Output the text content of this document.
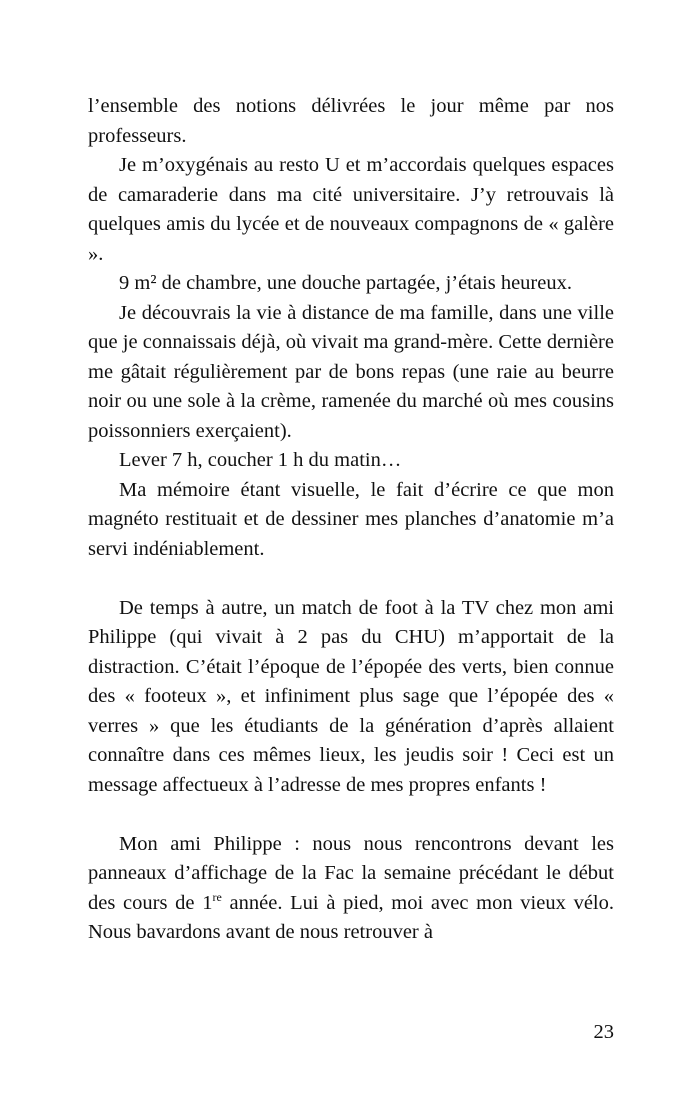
l’ensemble des notions délivrées le jour même par nos professeurs.

Je m’oxygénais au resto U et m’accordais quelques espaces de camaraderie dans ma cité universitaire. J’y retrouvais là quelques amis du lycée et de nouveaux compagnons de « galère ».

9 m² de chambre, une douche partagée, j’étais heureux.

Je découvrais la vie à distance de ma famille, dans une ville que je connaissais déjà, où vivait ma grand-mère. Cette dernière me gâtait régulièrement par de bons repas (une raie au beurre noir ou une sole à la crème, ramenée du marché où mes cousins poissonniers exerçaient).

Lever 7 h, coucher 1 h du matin…

Ma mémoire étant visuelle, le fait d’écrire ce que mon magnéto restituait et de dessiner mes planches d’anatomie m’a servi indéniablement.

De temps à autre, un match de foot à la TV chez mon ami Philippe (qui vivait à 2 pas du CHU) m’apportait de la distraction. C’était l’époque de l’épopée des verts, bien connue des « footeux », et infiniment plus sage que l’épopée des « verres » que les étudiants de la génération d’après allaient connaître dans ces mêmes lieux, les jeudis soir ! Ceci est un message affectueux à l’adresse de mes propres enfants !

Mon ami Philippe : nous nous rencontrons devant les panneaux d’affichage de la Fac la semaine précédant le début des cours de 1re année. Lui à pied, moi avec mon vieux vélo. Nous bavardons avant de nous retrouver à

23
